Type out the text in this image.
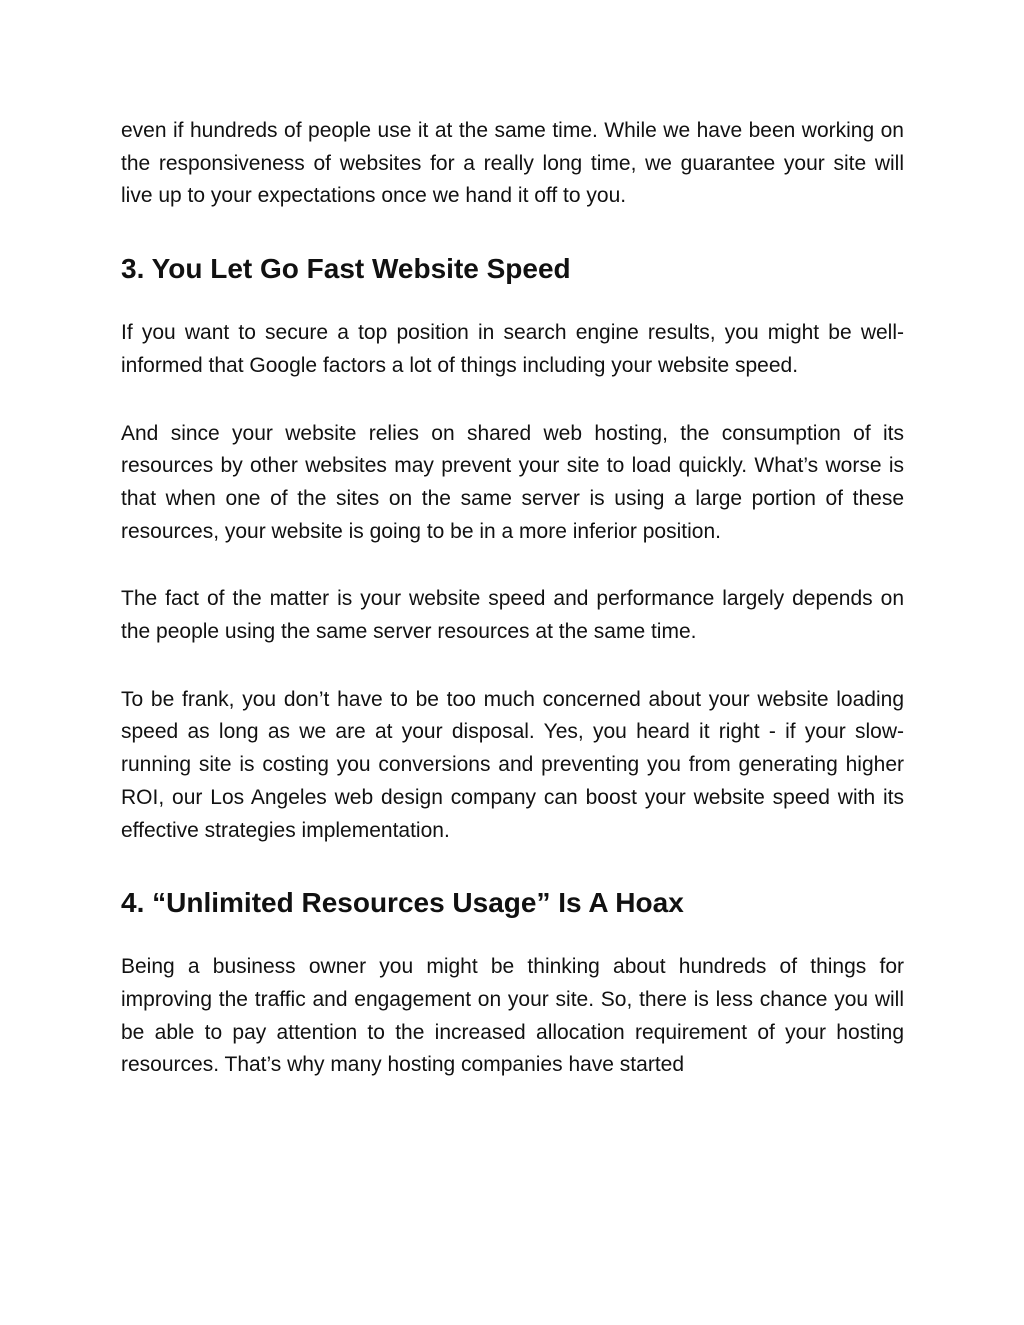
even if hundreds of people use it at the same time. While we have been working on the responsiveness of websites for a really long time, we guarantee your site will live up to your expectations once we hand it off to you.

3. You Let Go Fast Website Speed

If you want to secure a top position in search engine results, you might be well-informed that Google factors a lot of things including your website speed.

And since your website relies on shared web hosting, the consumption of its resources by other websites may prevent your site to load quickly. What’s worse is that when one of the sites on the same server is using a large portion of these resources, your website is going to be in a more inferior position.

The fact of the matter is your website speed and performance largely depends on the people using the same server resources at the same time.

To be frank, you don’t have to be too much concerned about your website loading speed as long as we are at your disposal. Yes, you heard it right - if your slow-running site is costing you conversions and preventing you from generating higher ROI, our Los Angeles web design company can boost your website speed with its effective strategies implementation.

4. “Unlimited Resources Usage” Is A Hoax

Being a business owner you might be thinking about hundreds of things for improving the traffic and engagement on your site. So, there is less chance you will be able to pay attention to the increased allocation requirement of your hosting resources. That’s why many hosting companies have started
